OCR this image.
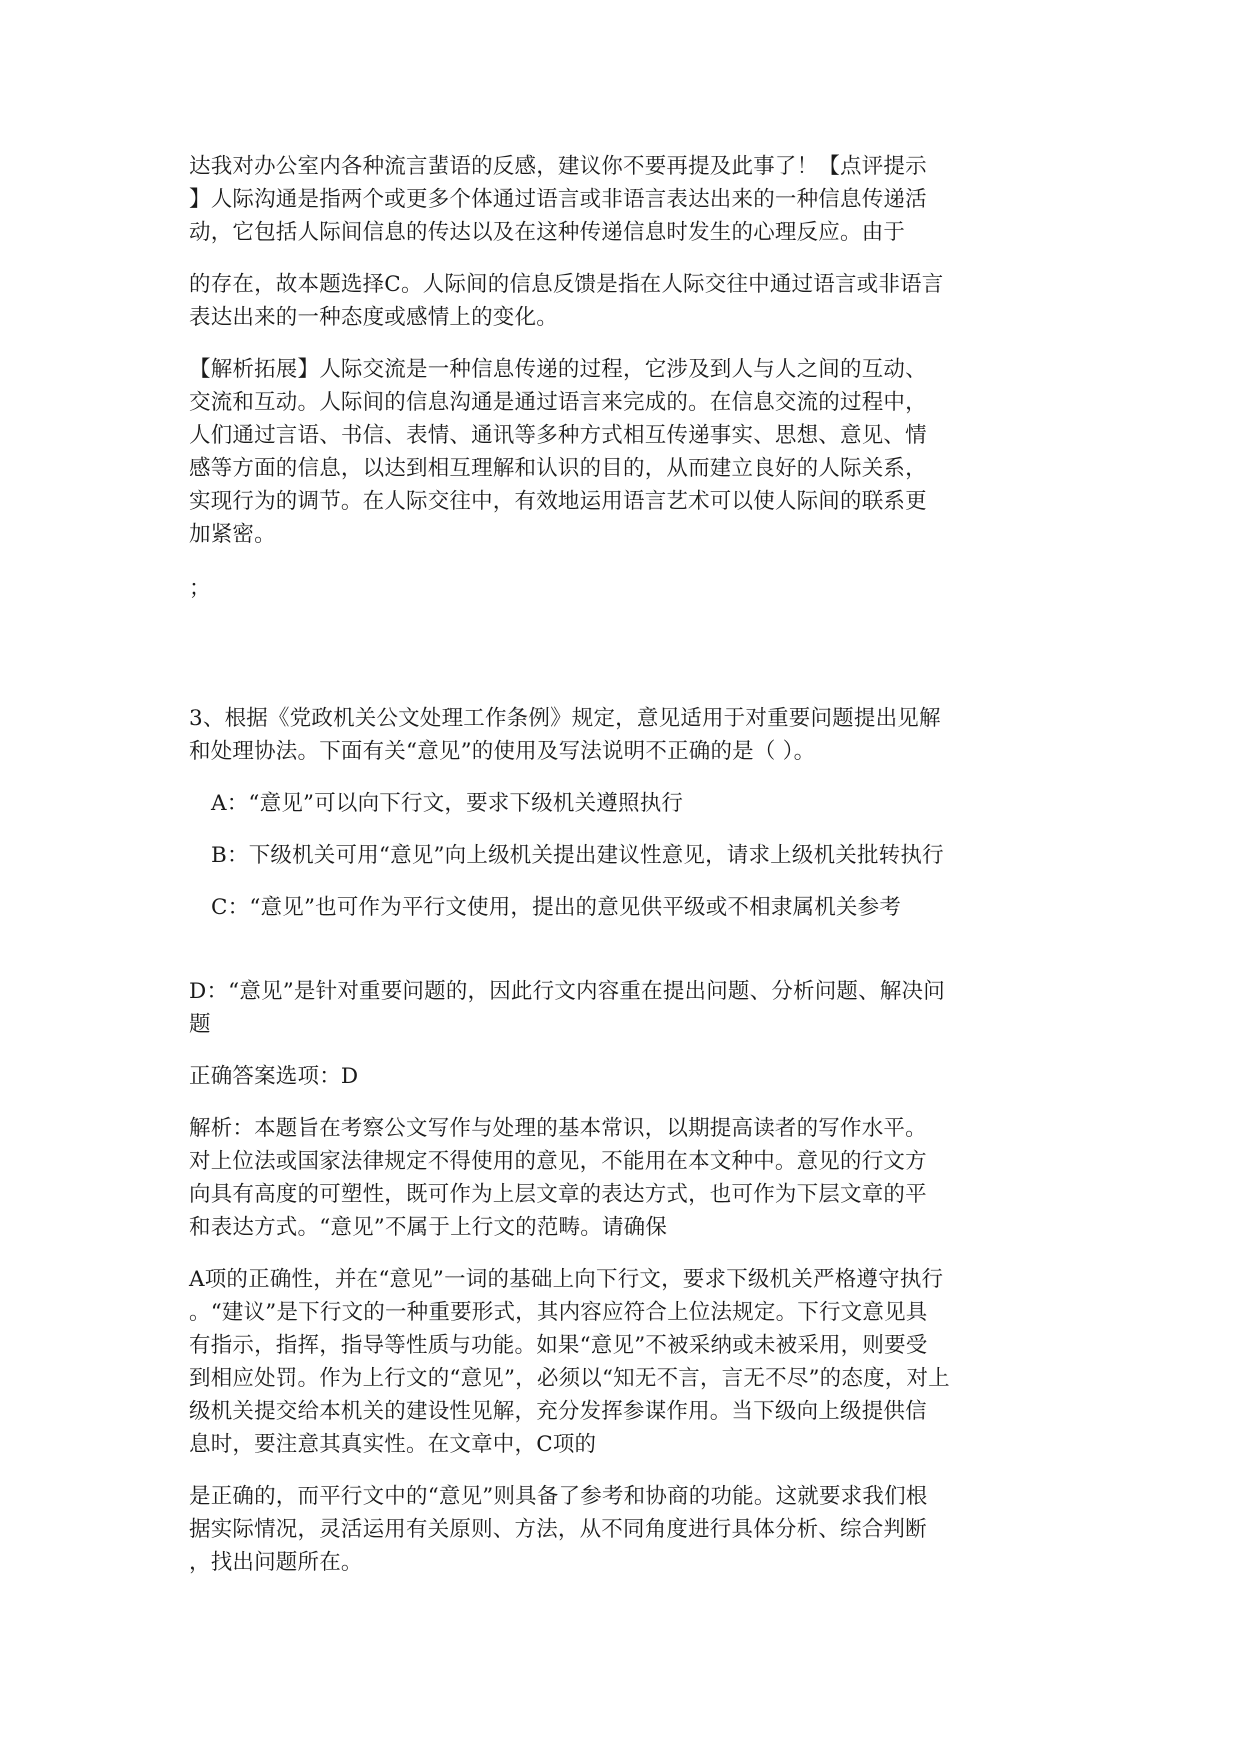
达我对办公室内各种流言蜚语的反感，建议你不要再提及此事了！【点评提示
】人际沟通是指两个或更多个体通过语言或非语言表达出来的一种信息传递活
动，它包括人际间信息的传达以及在这种传递信息时发生的心理反应。由于
的存在，故本题选择C。人际间的信息反馈是指在人际交往中通过语言或非语言
表达出来的一种态度或感情上的变化。
【解析拓展】人际交流是一种信息传递的过程，它涉及到人与人之间的互动、
交流和互动。人际间的信息沟通是通过语言来完成的。在信息交流的过程中，
人们通过言语、书信、表情、通讯等多种方式相互传递事实、思想、意见、情
感等方面的信息，以达到相互理解和认识的目的，从而建立良好的人际关系，
实现行为的调节。在人际交往中，有效地运用语言艺术可以使人际间的联系更
加紧密。
；
3、根据《党政机关公文处理工作条例》规定，意见适用于对重要问题提出见解
和处理协法。下面有关“意见”的使用及写法说明不正确的是（ ）。
A：“意见”可以向下行文，要求下级机关遵照执行
B：下级机关可用“意见”向上级机关提出建议性意见，请求上级机关批转执行
C：“意见”也可作为平行文使用，提出的意见供平级或不相隶属机关参考
D：“意见”是针对重要问题的，因此行文内容重在提出问题、分析问题、解决问
题
正确答案选项：D
解析：本题旨在考察公文写作与处理的基本常识，以期提高读者的写作水平。
对上位法或国家法律规定不得使用的意见，不能用在本文种中。意见的行文方
向具有高度的可塑性，既可作为上层文章的表达方式，也可作为下层文章的平
和表达方式。“意见”不属于上行文的范畴。请确保
A项的正确性，并在“意见”一词的基础上向下行文，要求下级机关严格遵守执行
。“建议”是下行文的一种重要形式，其内容应符合上位法规定。下行文意见具
有指示，指挥，指导等性质与功能。如果“意见”不被采纳或未被采用，则要受
到相应处罚。作为上行文的“意见”，必须以“知无不言，言无不尽”的态度，对上
级机关提交给本机关的建设性见解，充分发挥参谋作用。当下级向上级提供信
息时，要注意其真实性。在文章中，C项的
是正确的，而平行文中的“意见”则具备了参考和协商的功能。这就要求我们根
据实际情况，灵活运用有关原则、方法，从不同角度进行具体分析、综合判断
，找出问题所在。
